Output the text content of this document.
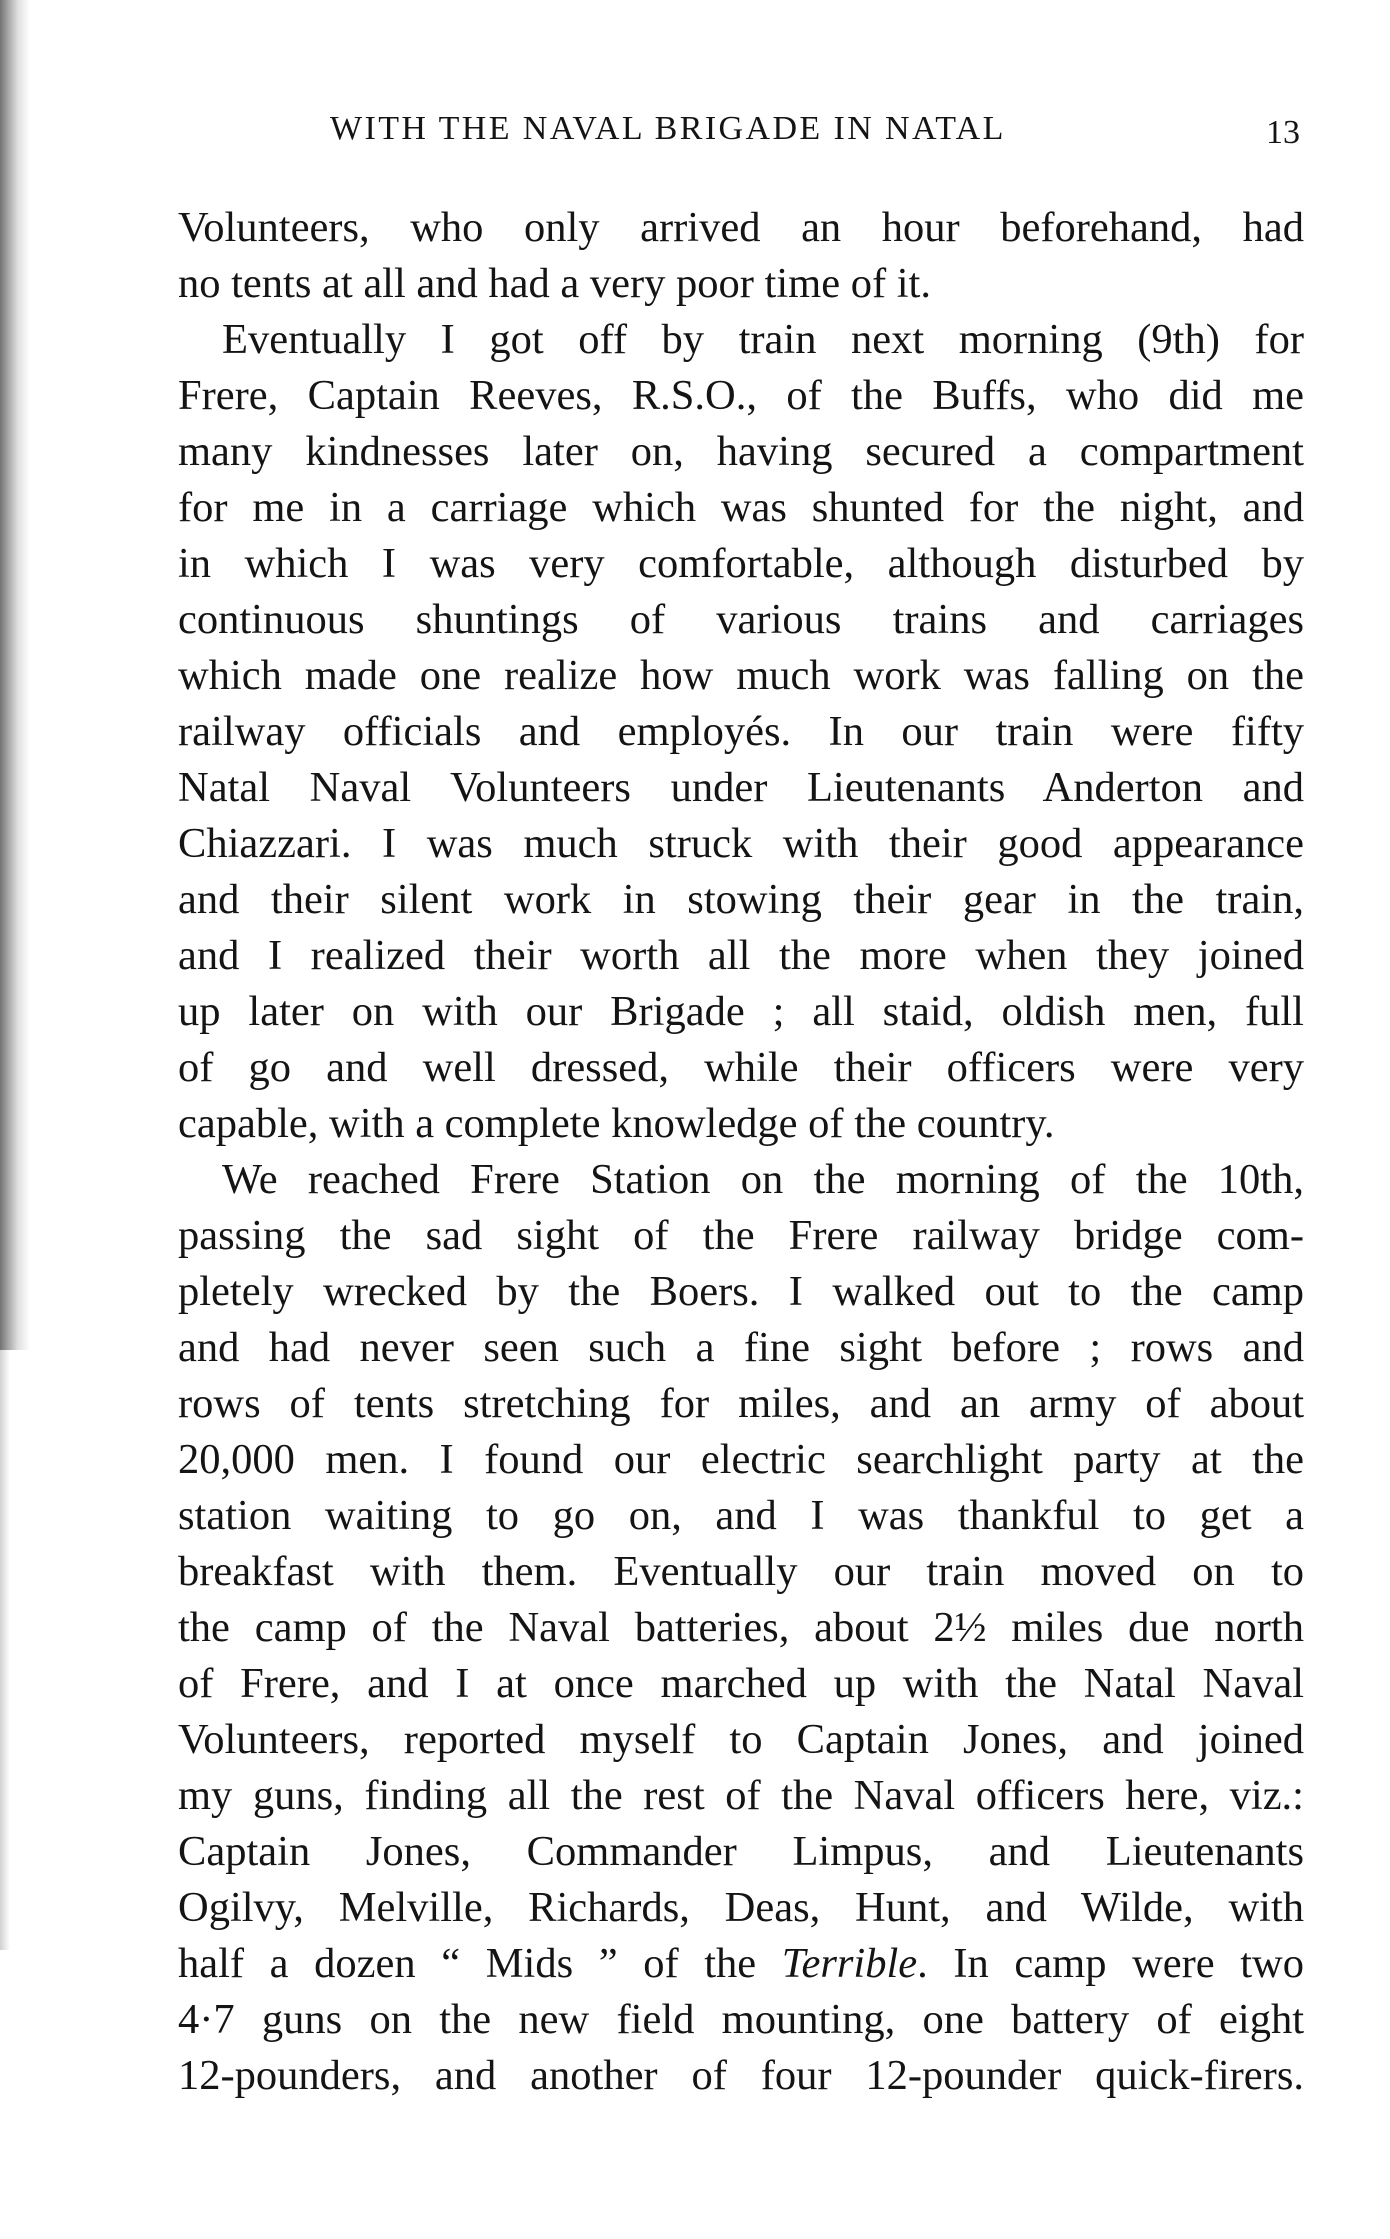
WITH THE NAVAL BRIGADE IN NATAL	13
Volunteers, who only arrived an hour beforehand, had
no tents at all and had a very poor time of it.
Eventually I got off by train next morning (9th) for
Frere, Captain Reeves, R.S.O., of the Buffs, who did me
many kindnesses later on, having secured a compartment
for me in a carriage which was shunted for the night, and
in which I was very comfortable, although disturbed by
continuous shuntings of various trains and carriages
which made one realize how much work was falling on the
railway officials and employés. In our train were fifty
Natal Naval Volunteers under Lieutenants Anderton and
Chiazzari. I was much struck with their good appearance
and their silent work in stowing their gear in the train,
and I realized their worth all the more when they joined
up later on with our Brigade ; all staid, oldish men, full
of go and well dressed, while their officers were very
capable, with a complete knowledge of the country.
We reached Frere Station on the morning of the 10th,
passing the sad sight of the Frere railway bridge com-
pletely wrecked by the Boers. I walked out to the camp
and had never seen such a fine sight before ; rows and
rows of tents stretching for miles, and an army of about
20,000 men. I found our electric searchlight party at the
station waiting to go on, and I was thankful to get a
breakfast with them. Eventually our train moved on to
the camp of the Naval batteries, about 2½ miles due north
of Frere, and I at once marched up with the Natal Naval
Volunteers, reported myself to Captain Jones, and joined
my guns, finding all the rest of the Naval officers here, viz.:
Captain Jones, Commander Limpus, and Lieutenants
Ogilvy, Melville, Richards, Deas, Hunt, and Wilde, with
half a dozen “ Mids ” of the Terrible. In camp were two
4·7 guns on the new field mounting, one battery of eight
12-pounders, and another of four 12-pounder quick-firers.
